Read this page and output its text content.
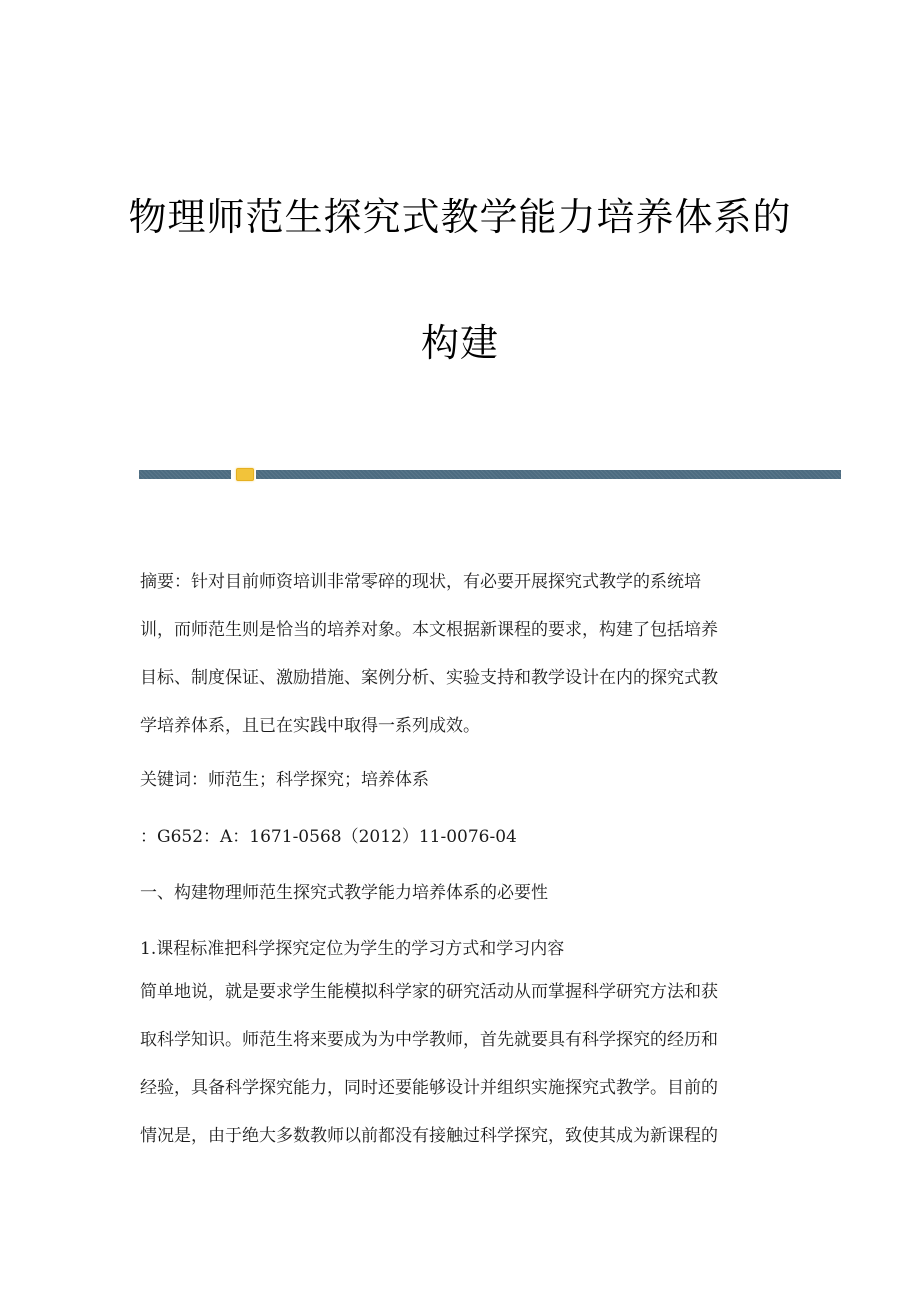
物理师范生探究式教学能力培养体系的
构建

摘要：针对目前师资培训非常零碎的现状，有必要开展探究式教学的系统培

训，而师范生则是恰当的培养对象。本文根据新课程的要求，构建了包括培养

目标、制度保证、激励措施、案例分析、实验支持和教学设计在内的探究式教

学培养体系，且已在实践中取得一系列成效。

关键词：师范生；科学探究；培养体系
：G652：A：1671-0568（2012）11-0076-04
一、构建物理师范生探究式教学能力培养体系的必要性
1.课程标准把科学探究定位为学生的学习方式和学习内容

简单地说，就是要求学生能模拟科学家的研究活动从而掌握科学研究方法和获

取科学知识。师范生将来要成为为中学教师，首先就要具有科学探究的经历和

经验，具备科学探究能力，同时还要能够设计并组织实施探究式教学。目前的

情况是，由于绝大多数教师以前都没有接触过科学探究，致使其成为新课程的
